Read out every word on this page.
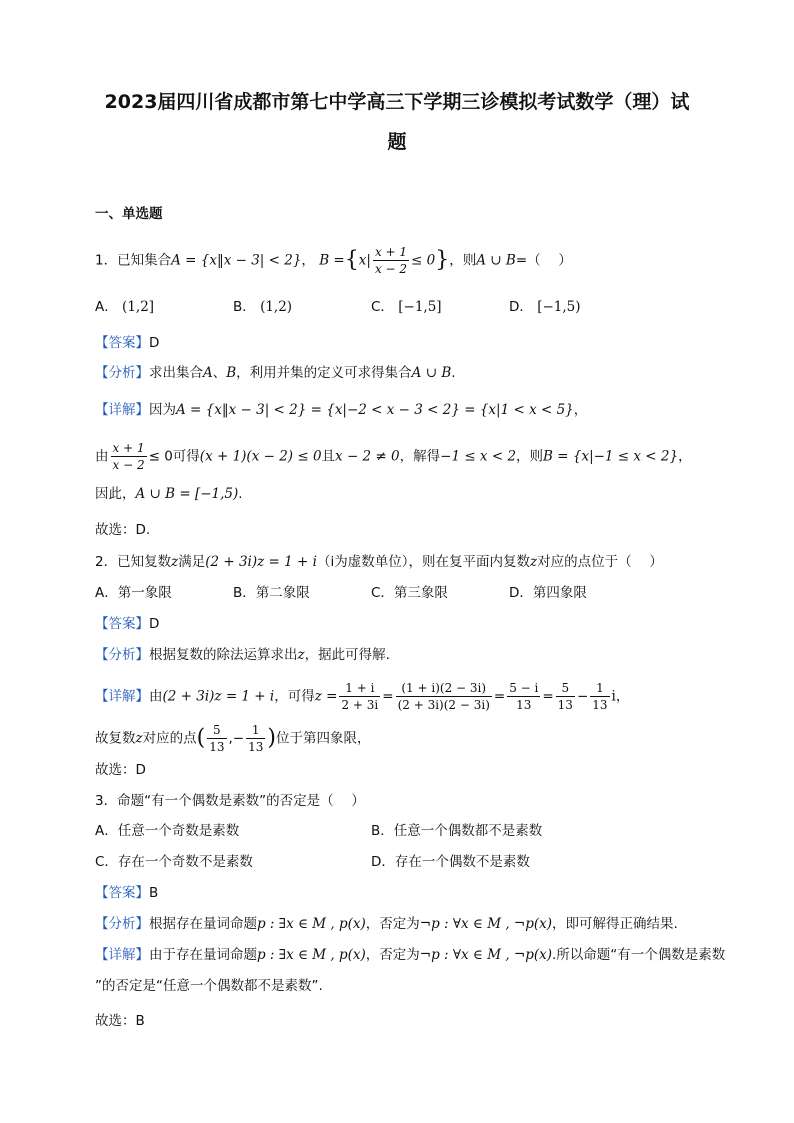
2023届四川省成都市第七中学高三下学期三诊模拟考试数学（理）试
题
一、单选题
1．已知集合A = {x‖x − 3| < 2}， $B =\{x| \frac{x + 1}{x - 2} \le 0\}$，则A ∪ B=（　 ）
A． (1,2]	B． (1,2)	C． [−1,5]	D． [−1,5)
【答案】D
【分析】求出集合A、B，利用并集的定义可求得集合A ∪ B.
【详解】因为A = {x‖x − 3| < 2} = {x|−2 < x − 3 < 2} = {x|1 < x < 5}，
由 $\frac{x + 1}{x - 2} \le 0$可得(x + 1)(x − 2) ≤ 0且x − 2 ≠ 0，解得−1 ≤ x < 2，则B = {x|−1 ≤ x < 2}，
因此，A ∪ B = [−1,5).
故选：D.
2．已知复数z满足(2 + 3i)z = 1 + i（i为虚数单位），则在复平面内复数z对应的点位于（　 ）
A．第一象限	B．第二象限	C．第三象限	D．第四象限
【答案】D
【分析】根据复数的除法运算求出z，据此可得解.
【详解】由(2 + 3i)z = 1 + i，可得$z = \frac{1 + i}{2 + 3i} = \frac{(1 + i)(2 - 3i)}{(2 + 3i)(2 - 3i)} = \frac{5 - i}{13} = \frac{5}{13} - \frac{1}{13}$ i，
故复数z对应的点( $\frac{5}{13}$ ,− $\frac{1}{13}$ )位于第四象限，
故选：D
3．命题“有一个偶数是素数”的否定是（　 ）
A．任意一个奇数是素数	B．任意一个偶数都不是素数
C．存在一个奇数不是素数	D．存在一个偶数不是素数
【答案】B
【分析】根据存在量词命题p : ∃x ∈ M , p(x)，否定为¬p : ∀x ∈ M , ¬p(x)，即可解得正确结果.
【详解】由于存在量词命题p : ∃x ∈ M , p(x)，否定为¬p : ∀x ∈ M , ¬p(x).所以命题“有一个偶数是素数
”的否定是“任意一个偶数都不是素数”.
故选：B
